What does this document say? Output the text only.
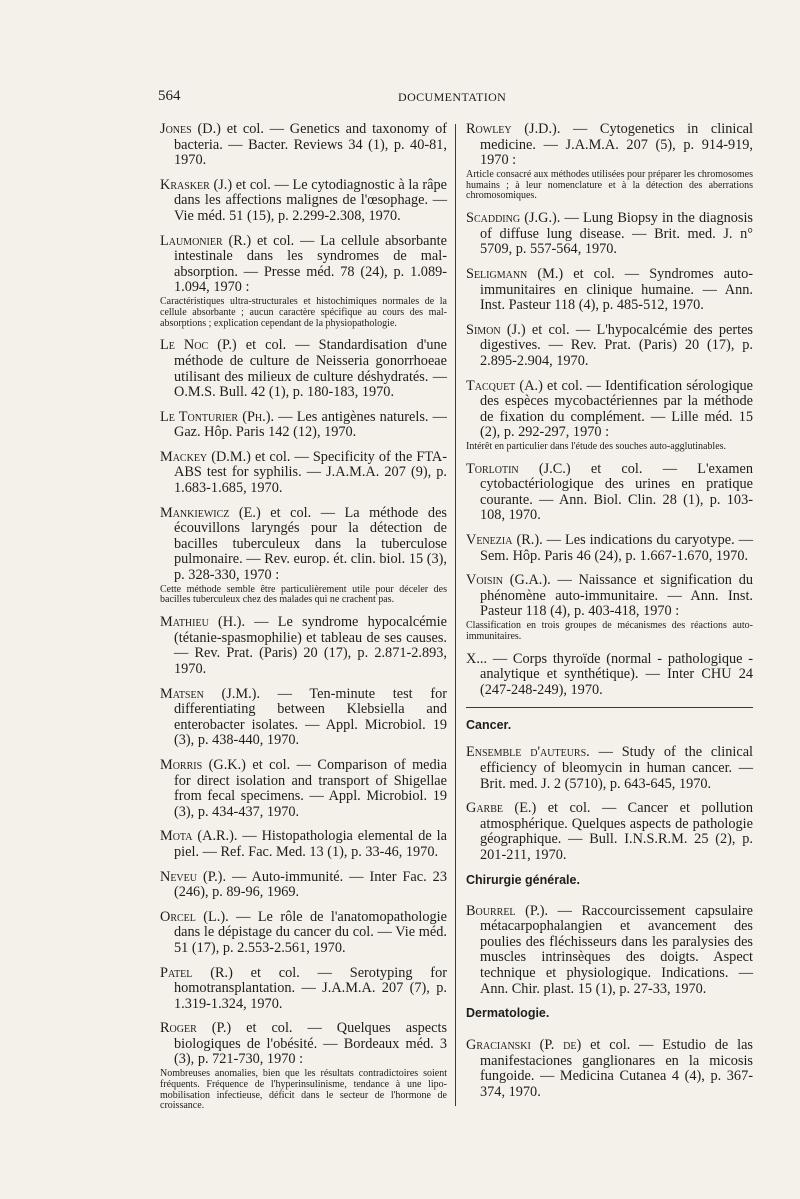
564	DOCUMENTATION
Jones (D.) et col. — Genetics and taxonomy of bacteria. — Bacter. Reviews 34 (1), p. 40-81, 1970.
Krasker (J.) et col. — Le cytodiagnostic à la râpe dans les affections malignes de l'œsophage. — Vie méd. 51 (15), p. 2.299-2.308, 1970.
Laumonier (R.) et col. — La cellule absorbante intestinale dans les syndromes de mal-absorption. — Presse méd. 78 (24), p. 1.089-1.094, 1970 :
Caractéristiques ultra-structurales et histochimiques normales de la cellule absorbante ; aucun caractère spécifique au cours des mal-absorptions ; explication cependant de la physiopathologie.
Le Noc (P.) et col. — Standardisation d'une méthode de culture de Neisseria gonorrhoeae utilisant des milieux de culture déshydratés. — O.M.S. Bull. 42 (1), p. 180-183, 1970.
Le Tonturier (Ph.). — Les antigènes naturels. — Gaz. Hôp. Paris 142 (12), 1970.
Mackey (D.M.) et col. — Specificity of the FTA-ABS test for syphilis. — J.A.M.A. 207 (9), p. 1.683-1.685, 1970.
Mankiewicz (E.) et col. — La méthode des écouvillons laryngés pour la détection de bacilles tuberculeux dans la tuberculose pulmonaire. — Rev. europ. ét. clin. biol. 15 (3), p. 328-330, 1970 :
Cette méthode semble être particulièrement utile pour déceler des bacilles tuberculeux chez des malades qui ne crachent pas.
Mathieu (H.). — Le syndrome hypocalcémie (tétanie-spasmophilie) et tableau de ses causes. — Rev. Prat. (Paris) 20 (17), p. 2.871-2.893, 1970.
Matsen (J.M.). — Ten-minute test for differentiating between Klebsiella and enterobacter isolates. — Appl. Microbiol. 19 (3), p. 438-440, 1970.
Morris (G.K.) et col. — Comparison of media for direct isolation and transport of Shigellae from fecal specimens. — Appl. Microbiol. 19 (3), p. 434-437, 1970.
Mota (A.R.). — Histopathologia elemental de la piel. — Ref. Fac. Med. 13 (1), p. 33-46, 1970.
Neveu (P.). — Auto-immunité. — Inter Fac. 23 (246), p. 89-96, 1969.
Orcel (L.). — Le rôle de l'anatomopathologie dans le dépistage du cancer du col. — Vie méd. 51 (17), p. 2.553-2.561, 1970.
Patel (R.) et col. — Serotyping for homotransplantation. — J.A.M.A. 207 (7), p. 1.319-1.324, 1970.
Roger (P.) et col. — Quelques aspects biologiques de l'obésité. — Bordeaux méd. 3 (3), p. 721-730, 1970 :
Nombreuses anomalies, bien que les résultats contradictoires soient fréquents. Fréquence de l'hyperinsulinisme, tendance à une lipo-mobilisation infectieuse, déficit dans le secteur de l'hormone de croissance.
Rowley (J.D.). — Cytogenetics in clinical medicine. — J.A.M.A. 207 (5), p. 914-919, 1970 :
Article consacré aux méthodes utilisées pour préparer les chromosomes humains ; à leur nomenclature et à la détection des aberrations chromosomiques.
Scadding (J.G.). — Lung Biopsy in the diagnosis of diffuse lung disease. — Brit. med. J. n° 5709, p. 557-564, 1970.
Seligmann (M.) et col. — Syndromes auto-immunitaires en clinique humaine. — Ann. Inst. Pasteur 118 (4), p. 485-512, 1970.
Simon (J.) et col. — L'hypocalcémie des pertes digestives. — Rev. Prat. (Paris) 20 (17), p. 2.895-2.904, 1970.
Tacquet (A.) et col. — Identification sérologique des espèces mycobactériennes par la méthode de fixation du complément. — Lille méd. 15 (2), p. 292-297, 1970 :
Intérêt en particulier dans l'étude des souches auto-agglutinables.
Torlotin (J.C.) et col. — L'examen cytobactériologique des urines en pratique courante. — Ann. Biol. Clin. 28 (1), p. 103-108, 1970.
Venezia (R.). — Les indications du caryotype. — Sem. Hôp. Paris 46 (24), p. 1.667-1.670, 1970.
Voisin (G.A.). — Naissance et signification du phénomène auto-immunitaire. — Ann. Inst. Pasteur 118 (4), p. 403-418, 1970 :
Classification en trois groupes de mécanismes des réactions auto-immunitaires.
X... — Corps thyroïde (normal - pathologique - analytique et synthétique). — Inter CHU 24 (247-248-249), 1970.
Cancer.
Ensemble d'auteurs. — Study of the clinical efficiency of bleomycin in human cancer. — Brit. med. J. 2 (5710), p. 643-645, 1970.
Garbe (E.) et col. — Cancer et pollution atmosphérique. Quelques aspects de pathologie géographique. — Bull. I.N.S.R.M. 25 (2), p. 201-211, 1970.
Chirurgie générale.
Bourrel (P.). — Raccourcissement capsulaire métacarpophalangien et avancement des poulies des fléchisseurs dans les paralysies des muscles intrinsèques des doigts. Aspect technique et physiologique. Indications. — Ann. Chir. plast. 15 (1), p. 27-33, 1970.
Dermatologie.
Gracianski (P. de) et col. — Estudio de las manifestaciones ganglionares en la micosis fungoide. — Medicina Cutanea 4 (4), p. 367-374, 1970.
